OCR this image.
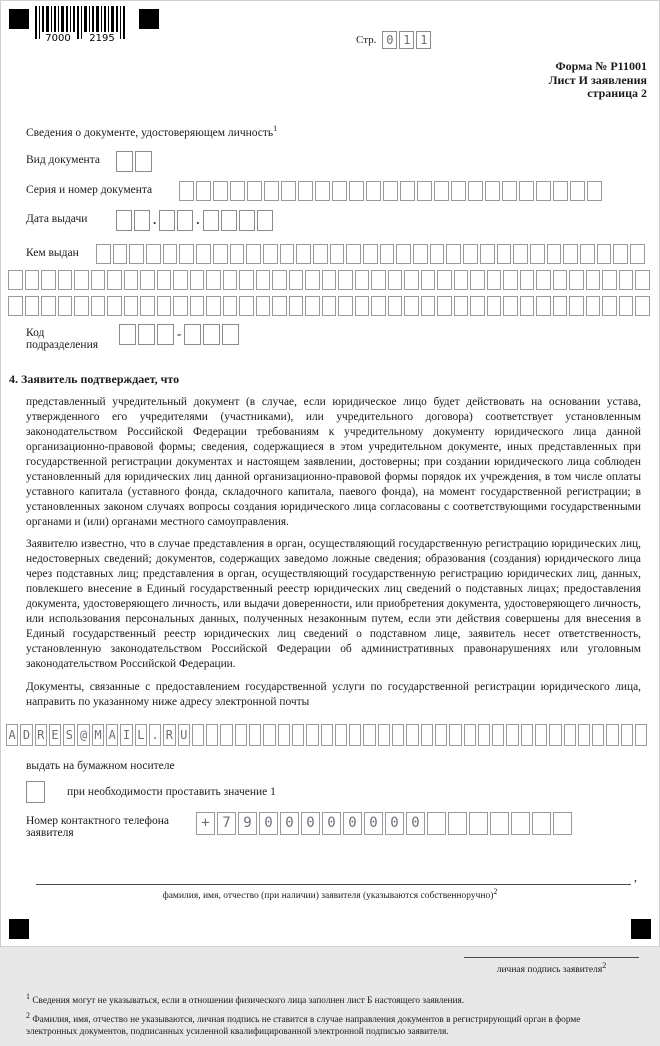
7000 2195	Стр. 0 1 1
Форма № Р11001
Лист И заявления
страница 2
Сведения о документе, удостоверяющем личность$^1$
Вид документа
Серия и номер документа
Дата выдачи	.	.
Кем выдан
Код подразделения
-
4. Заявитель подтверждает, что

представленный учредительный документ (в случае, если юридическое лицо будет действовать на основании устава, утвержденного его учредителями (участниками), или учредительного договора) соответствует установленным законодательством Российской Федерации требованиям к учредительному документу юридического лица данной организационно-правовой формы; сведения, содержащиеся в этом учредительном документе, иных представленных при государственной регистрации документах и настоящем заявлении, достоверны; при создании юридического лица соблюден установленный для юридических лиц данной организационно-правовой формы порядок их учреждения, в том числе оплаты уставного капитала (уставного фонда, складочного капитала, паевого фонда), на момент государственной регистрации; в установленных законом случаях вопросы создания юридического лица согласованы с соответствующими государственными органами и (или) органами местного самоуправления.

Заявителю известно, что в случае представления в орган, осуществляющий государственную регистрацию юридических лиц, недостоверных сведений; документов, содержащих заведомо ложные сведения; образования (создания) юридического лица через подставных лиц; представления в орган, осуществляющий государственную регистрацию юридических лиц, данных, повлекшего внесение в Единый государственный реестр юридических лиц сведений о подставных лицах; предоставления документа, удостоверяющего личность, или выдачи доверенности, или приобретения документа, удостоверяющего личность, или использования персональных данных, полученных незаконным путем, если эти действия совершены для внесения в Единый государственный реестр юридических лиц сведений о подставном лице, заявитель несет ответственность, установленную законодательством Российской Федерации об административных правонарушениях или уголовным законодательством Российской Федерации.

Документы, связанные с предоставлением государственной услуги по государственной регистрации юридического лица, направить по указанному ниже адресу электронной почты

A D R E S @ M A I L . R U
выдать на бумажном носителе
при необходимости проставить значение 1
Номер контактного телефона заявителя
+ 7 9 0 0 0 0 0 0 0 0
,
фамилия, имя, отчество (при наличии) заявителя (указываются собственноручно)$^2$
личная подпись заявителя$^2$
$^1$ Сведения могут не указываться, если в отношении физического лица заполнен лист Б настоящего заявления.
$^2$ Фамилия, имя, отчество не указываются, личная подпись не ставится в случае направления документов в регистрирующий орган в форме электронных документов, подписанных усиленной квалифицированной электронной подписью заявителя.
